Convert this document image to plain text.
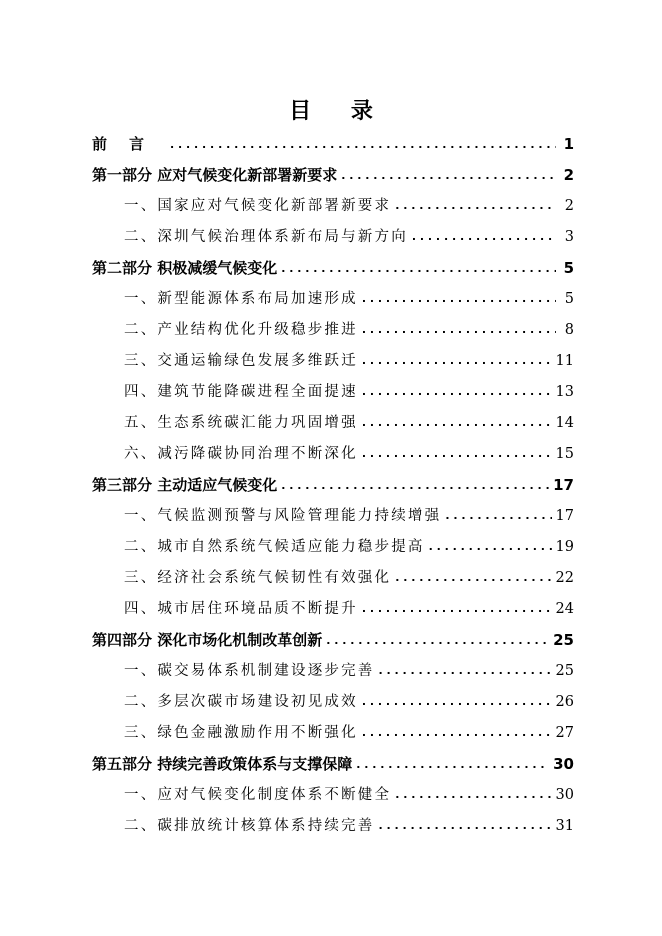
目 录
前言 . . .	1
第一部分 应对气候变化新部署新要求 . . .	2
一、国家应对气候变化新部署新要求 . . .	2
二、深圳气候治理体系新布局与新方向 . . .	3
第二部分 积极减缓气候变化 . . .	5
一、新型能源体系布局加速形成 . . .	5
二、产业结构优化升级稳步推进 . . .	8
三、交通运输绿色发展多维跃迁 . . .	11
四、建筑节能降碳进程全面提速 . . .	13
五、生态系统碳汇能力巩固增强 . . .	14
六、减污降碳协同治理不断深化 . . .	15
第三部分 主动适应气候变化 . . .	17
一、气候监测预警与风险管理能力持续增强 . . .	17
二、城市自然系统气候适应能力稳步提高 . . .	19
三、经济社会系统气候韧性有效强化 . . .	22
四、城市居住环境品质不断提升 . . .	24
第四部分 深化市场化机制改革创新 . . .	25
一、碳交易体系机制建设逐步完善 . . .	25
二、多层次碳市场建设初见成效 . . .	26
三、绿色金融激励作用不断强化 . . .	27
第五部分 持续完善政策体系与支撑保障 . . .	30
一、应对气候变化制度体系不断健全 . . .	30
二、碳排放统计核算体系持续完善 . . .	31
